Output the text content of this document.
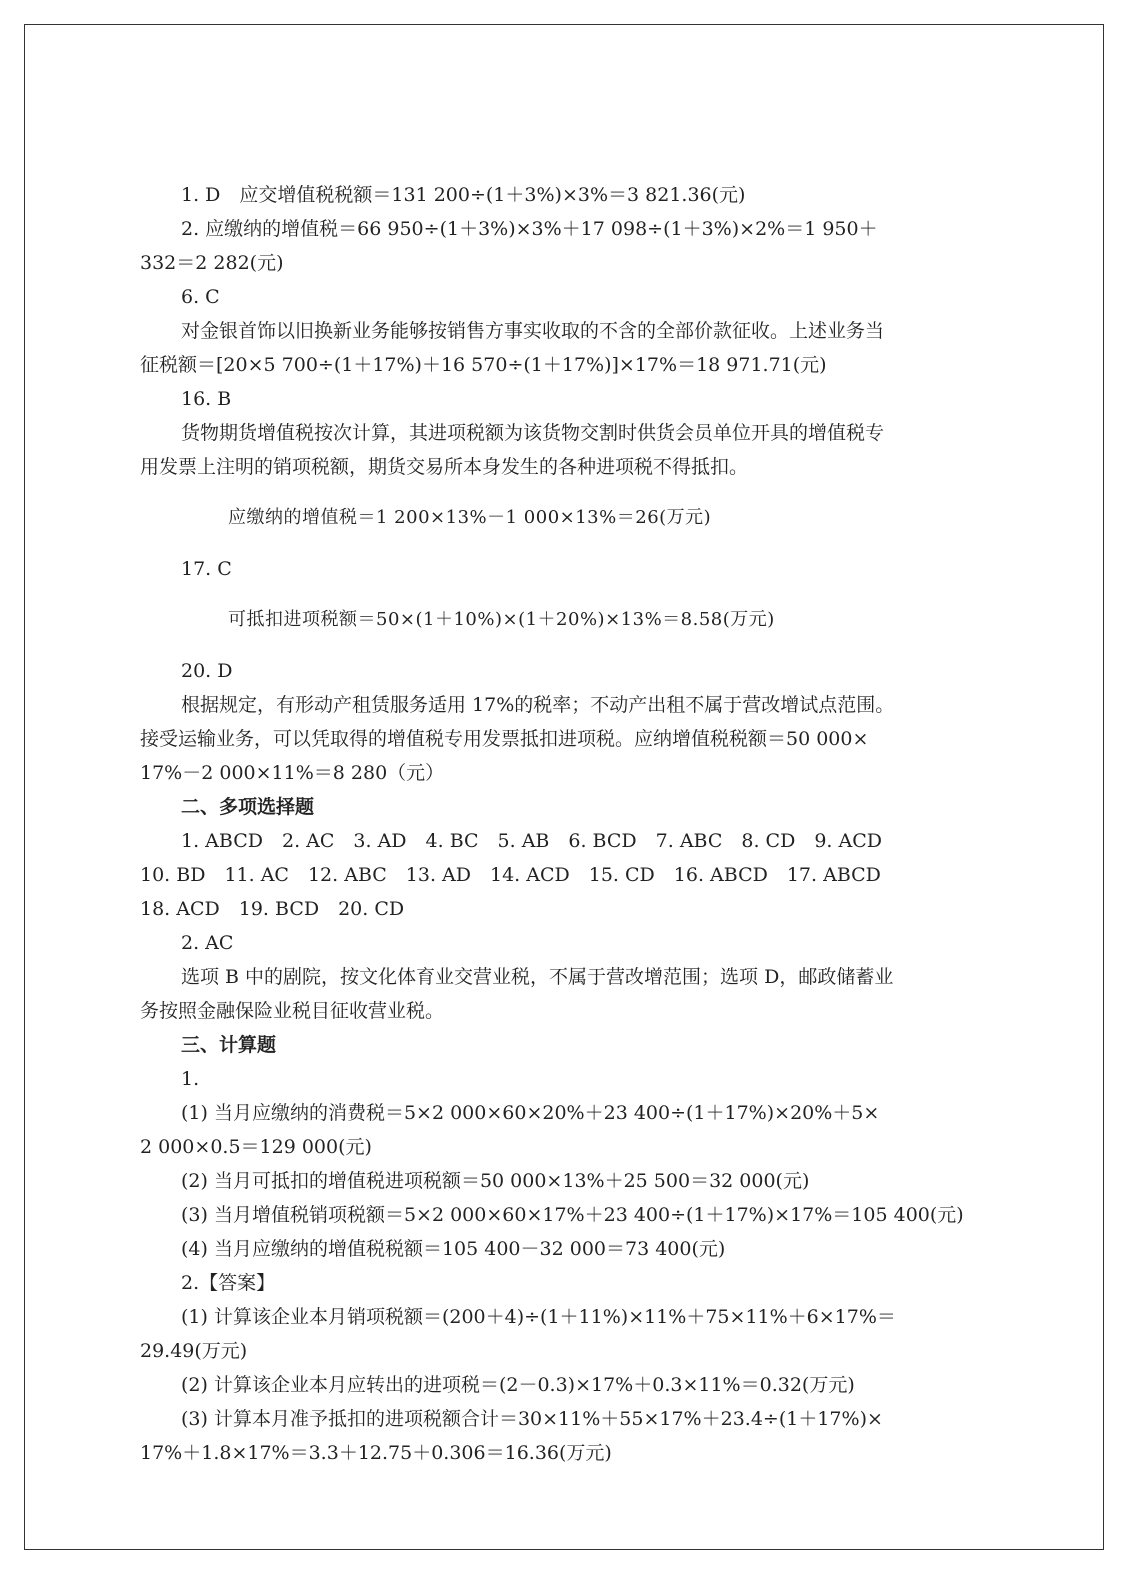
1. D　应交增值税税额＝131 200÷(1＋3%)×3%＝3 821.36(元)
2. 应缴纳的增值税＝66 950÷(1＋3%)×3%＋17 098÷(1＋3%)×2%＝1 950＋
332＝2 282(元)
6. C
对金银首饰以旧换新业务能够按销售方事实收取的不含的全部价款征收。上述业务当
征税额＝[20×5 700÷(1＋17%)＋16 570÷(1＋17%)]×17%＝18 971.71(元)
16. B
货物期货增值税按次计算，其进项税额为该货物交割时供货会员单位开具的增值税专
用发票上注明的销项税额，期货交易所本身发生的各种进项税不得抵扣。
应缴纳的增值税＝1 200×13%－1 000×13%＝26(万元)
17. C
可抵扣进项税额＝50×(1＋10%)×(1＋20%)×13%＝8.58(万元)
20. D
根据规定，有形动产租赁服务适用 17%的税率；不动产出租不属于营改增试点范围。
接受运输业务，可以凭取得的增值税专用发票抵扣进项税。应纳增值税税额＝50 000×
17%－2 000×11%＝8 280（元）
二、多项选择题
1. ABCD　2. AC　3. AD　4. BC　5. AB　6. BCD　7. ABC　8. CD　9. ACD
10. BD　11. AC　12. ABC　13. AD　14. ACD　15. CD　16. ABCD　17. ABCD
18. ACD　19. BCD　20. CD
2. AC
选项 B 中的剧院，按文化体育业交营业税，不属于营改增范围；选项 D，邮政储蓄业
务按照金融保险业税目征收营业税。
三、计算题
1.
(1) 当月应缴纳的消费税＝5×2 000×60×20%＋23 400÷(1＋17%)×20%＋5×
2 000×0.5＝129 000(元)
(2) 当月可抵扣的增值税进项税额＝50 000×13%＋25 500＝32 000(元)
(3) 当月增值税销项税额＝5×2 000×60×17%＋23 400÷(1＋17%)×17%＝105 400(元)
(4) 当月应缴纳的增值税税额＝105 400－32 000＝73 400(元)
2.【答案】
(1) 计算该企业本月销项税额＝(200＋4)÷(1＋11%)×11%＋75×11%＋6×17%＝
29.49(万元)
(2) 计算该企业本月应转出的进项税＝(2－0.3)×17%＋0.3×11%＝0.32(万元)
(3) 计算本月准予抵扣的进项税额合计＝30×11%＋55×17%＋23.4÷(1＋17%)×
17%＋1.8×17%＝3.3＋12.75＋0.306＝16.36(万元)
